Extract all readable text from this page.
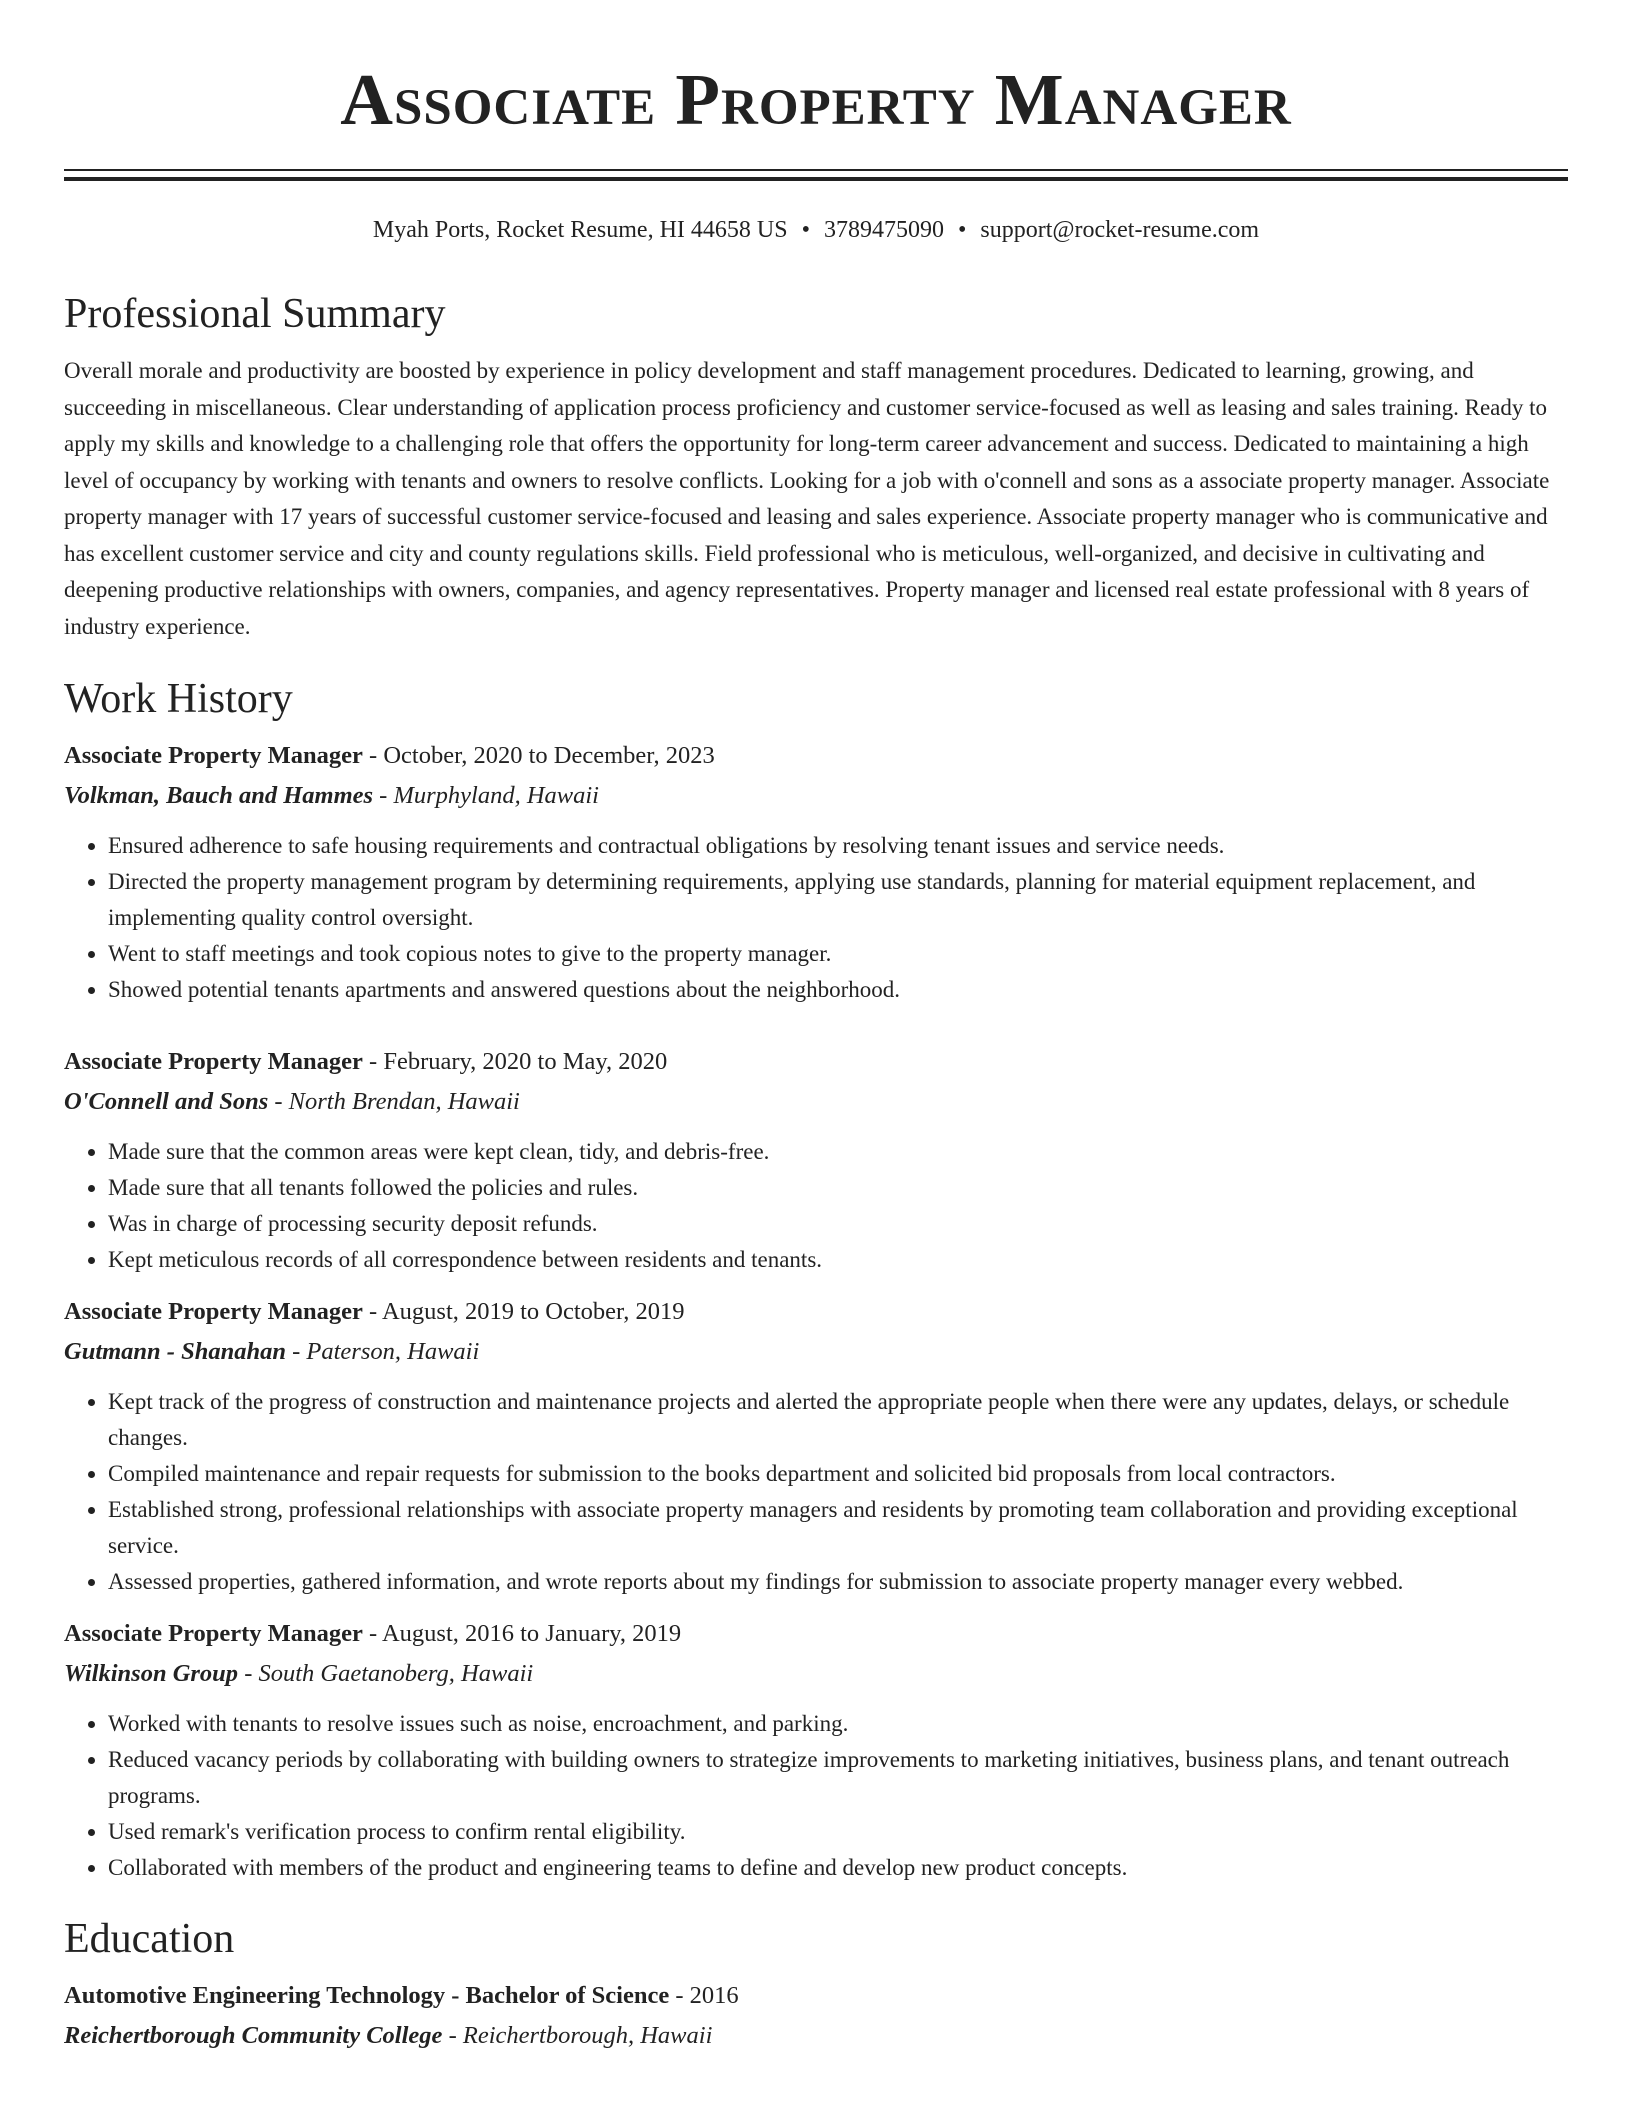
Associate Property Manager
Myah Ports, Rocket Resume, HI 44658 US • 3789475090 • support@rocket-resume.com
Professional Summary

Overall morale and productivity are boosted by experience in policy development and staff management procedures. Dedicated to learning, growing, and succeeding in miscellaneous. Clear understanding of application process proficiency and customer service-focused as well as leasing and sales training. Ready to apply my skills and knowledge to a challenging role that offers the opportunity for long-term career advancement and success. Dedicated to maintaining a high level of occupancy by working with tenants and owners to resolve conflicts. Looking for a job with o'connell and sons as a associate property manager. Associate property manager with 17 years of successful customer service-focused and leasing and sales experience. Associate property manager who is communicative and has excellent customer service and city and county regulations skills. Field professional who is meticulous, well-organized, and decisive in cultivating and deepening productive relationships with owners, companies, and agency representatives. Property manager and licensed real estate professional with 8 years of industry experience.

Work History

Associate Property Manager - October, 2020 to December, 2023

Volkman, Bauch and Hammes - Murphyland, Hawaii

• Ensured adherence to safe housing requirements and contractual obligations by resolving tenant issues and service needs.
• Directed the property management program by determining requirements, applying use standards, planning for material equipment replacement, and implementing quality control oversight.
• Went to staff meetings and took copious notes to give to the property manager.
• Showed potential tenants apartments and answered questions about the neighborhood.

Associate Property Manager - February, 2020 to May, 2020

O'Connell and Sons - North Brendan, Hawaii

• Made sure that the common areas were kept clean, tidy, and debris-free.
• Made sure that all tenants followed the policies and rules.
• Was in charge of processing security deposit refunds.
• Kept meticulous records of all correspondence between residents and tenants.

Associate Property Manager - August, 2019 to October, 2019

Gutmann - Shanahan - Paterson, Hawaii

• Kept track of the progress of construction and maintenance projects and alerted the appropriate people when there were any updates, delays, or schedule changes.
• Compiled maintenance and repair requests for submission to the books department and solicited bid proposals from local contractors.
• Established strong, professional relationships with associate property managers and residents by promoting team collaboration and providing exceptional service.
• Assessed properties, gathered information, and wrote reports about my findings for submission to associate property manager every webbed.

Associate Property Manager - August, 2016 to January, 2019

Wilkinson Group - South Gaetanoberg, Hawaii

• Worked with tenants to resolve issues such as noise, encroachment, and parking.
• Reduced vacancy periods by collaborating with building owners to strategize improvements to marketing initiatives, business plans, and tenant outreach programs.
• Used remark's verification process to confirm rental eligibility.
• Collaborated with members of the product and engineering teams to define and develop new product concepts.
Education

Automotive Engineering Technology - Bachelor of Science - 2016

Reichertborough Community College - Reichertborough, Hawaii
